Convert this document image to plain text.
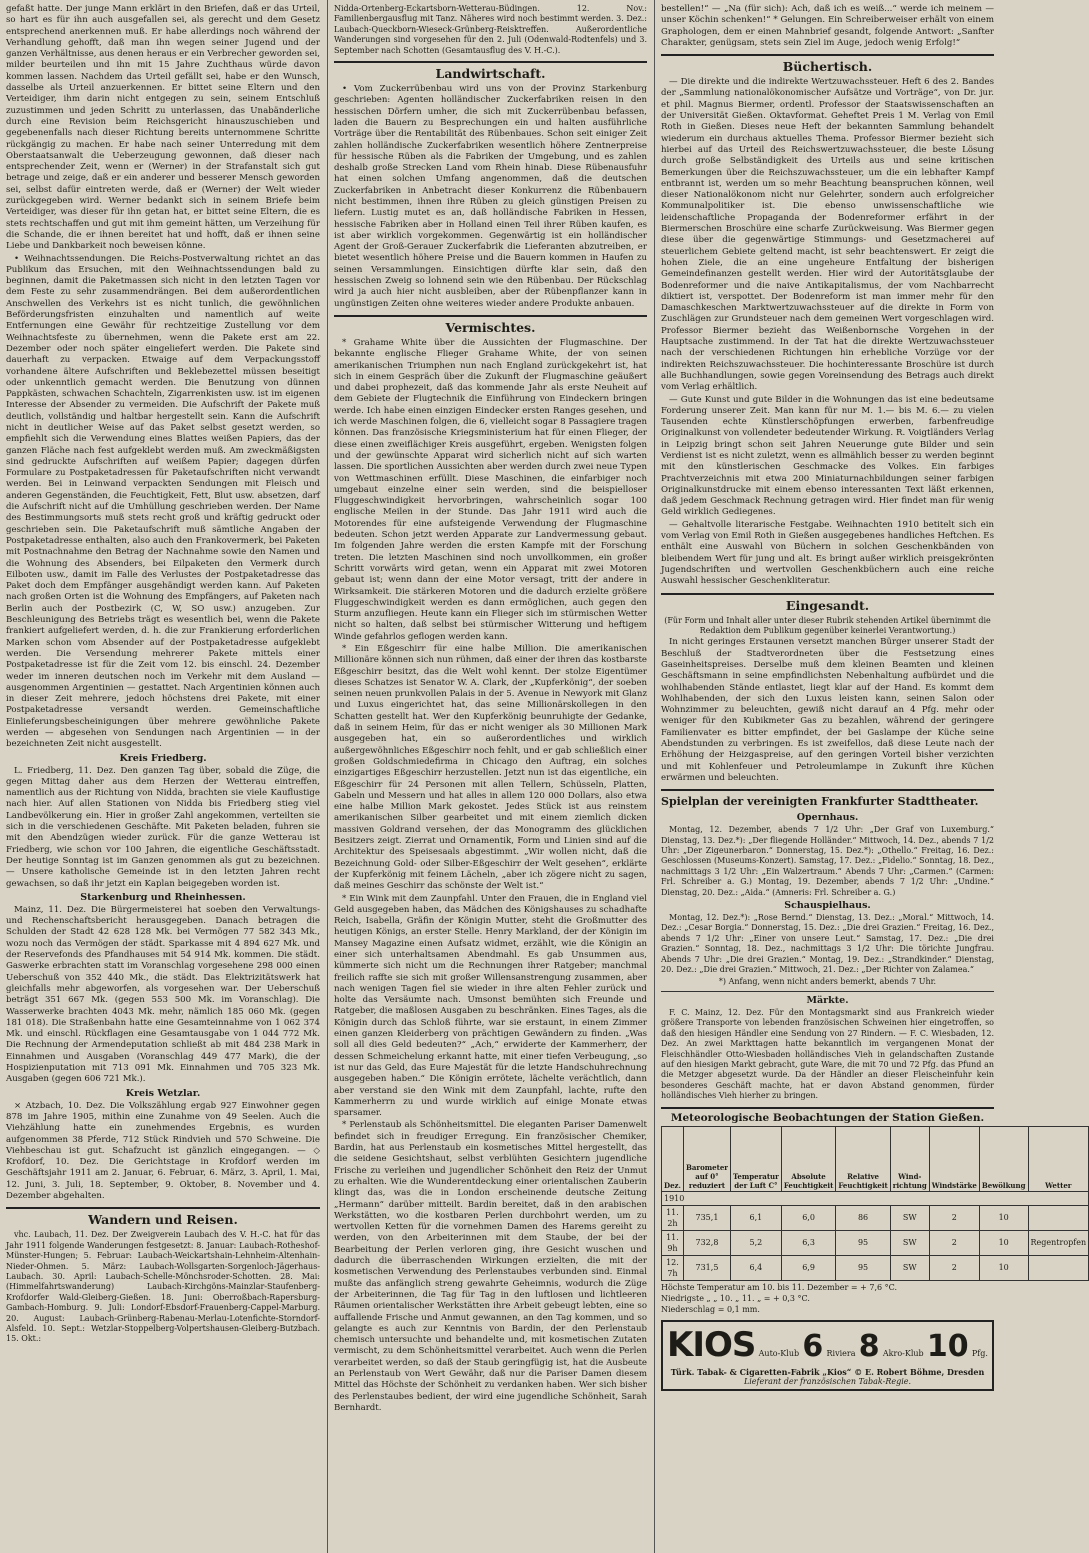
gefaßt hatte. Der junge Mann erklärt in den Briefen, daß er das Urteil, so hart es für ihn auch ausgefallen sei, als gerecht und dem Gesetz entsprechend anerkennen muß. Er habe allerdings noch während der Verhandlung gehofft, daß man ihn wegen seiner Jugend und der ganzen Verhältnisse, aus denen heraus er ein Verbrecher geworden sei, milder beurteilen und ihn mit 15 Jahre Zuchthaus würde davon kommen lassen. Nachdem das Urteil gefällt sei, habe er den Wunsch, dasselbe als Urteil anzuerkennen. Er bittet seine Eltern und den Verteidiger, ihm darin nicht entgegen zu sein, seinem Entschluß zuzustimmen und jeden Schritt zu unterlassen, das Unabänderliche durch eine Revision beim Reichsgericht hinauszuschieben und gegebenenfalls nach dieser Richtung bereits unternommene Schritte rückgängig zu machen. Er habe nach seiner Unterredung mit dem Oberstaatsanwalt die Ueberzeugung gewonnen, daß dieser nach entsprechender Zeit, wenn er (Werner) in der Strafanstalt sich gut betrage und zeige, daß er ein anderer und besserer Mensch geworden sei, selbst dafür eintreten werde, daß er (Werner) der Welt wieder zurückgegeben wird. Werner bedankt sich in seinem Briefe beim Verteidiger, was dieser für ihn getan hat, er bittet seine Eltern, die es stets rechtschaffen und gut mit ihm gemeint hätten, um Verzeihung für die Schande, die er ihnen bereitet hat und hofft, daß er ihnen seine Liebe und Dankbarkeit noch beweisen könne.

• Weihnachtssendungen. Die Reichs-Postverwaltung richtet an das Publikum das Ersuchen, mit den Weihnachtssendungen bald zu beginnen, damit die Paketmassen sich nicht in den letzten Tagen vor dem Feste zu sehr zusammendrängen. Bei dem außerordentlichen Anschwellen des Verkehrs ist es nicht tunlich, die gewöhnlichen Beförderungsfristen einzuhalten und namentlich auf weite Entfernungen eine Gewähr für rechtzeitige Zustellung vor dem Weihnachtsfeste zu übernehmen, wenn die Pakete erst am 22. Dezember oder noch später eingeliefert werden. Die Pakete sind dauerhaft zu verpacken. Etwaige auf dem Verpackungsstoff vorhandene ältere Aufschriften und Beklebezettel müssen beseitigt oder unkenntlich gemacht werden. Die Benutzung von dünnen Pappkästen, schwachen Schachteln, Zigarrenkisten usw. ist im eigenen Interesse der Absender zu vermeiden. Die Aufschrift der Pakete muß deutlich, vollständig und haltbar hergestellt sein. Kann die Aufschrift nicht in deutlicher Weise auf das Paket selbst gesetzt werden, so empfiehlt sich die Verwendung eines Blattes weißen Papiers, das der ganzen Fläche nach fest aufgeklebt werden muß. Am zweckmäßigsten sind gedruckte Aufschriften auf weißem Papier; dagegen dürfen Formulare zu Postpaketadressen für Paketaufschriften nicht verwandt werden. Bei in Leinwand verpackten Sendungen mit Fleisch und anderen Gegenständen, die Feuchtigkeit, Fett, Blut usw. absetzen, darf die Aufschrift nicht auf die Umhüllung geschrieben werden. Der Name des Bestimmungsorts muß stets recht groß und kräftig gedruckt oder geschrieben sein. Die Paketaufschrift muß sämtliche Angaben der Postpaketadresse enthalten, also auch den Frankovermerk, bei Paketen mit Postnachnahme den Betrag der Nachnahme sowie den Namen und die Wohnung des Absenders, bei Eilpaketen den Vermerk durch Eilboten usw., damit im Falle des Verlustes der Postpaketadresse das Paket doch dem Empfänger ausgehändigt werden kann. Auf Paketen nach großen Orten ist die Wohnung des Empfängers, auf Paketen nach Berlin auch der Postbezirk (C, W, SO usw.) anzugeben. Zur Beschleunigung des Betriebs trägt es wesentlich bei, wenn die Pakete frankiert aufgeliefert werden, d. h. die zur Frankierung erforderlichen Marken schon vom Absender auf der Postpaketadresse aufgeklebt werden. Die Versendung mehrerer Pakete mittels einer Postpaketadresse ist für die Zeit vom 12. bis einschl. 24. Dezember weder im inneren deutschen noch im Verkehr mit dem Ausland — ausgenommen Argentinien — gestattet. Nach Argentinien können auch in dieser Zeit mehrere, jedoch höchstens drei Pakete, mit einer Postpaketadresse versandt werden. Gemeinschaftliche Einlieferungsbescheinigungen über mehrere gewöhnliche Pakete werden — abgesehen von Sendungen nach Argentinien — in der bezeichneten Zeit nicht ausgestellt.

Kreis Friedberg.

L. Friedberg, 11. Dez. Den ganzen Tag über, sobald die Züge, die gegen Mittag daher aus dem Herzen der Wetterau eintreffen, namentlich aus der Richtung von Nidda, brachten sie viele Kauflustige nach hier. Auf allen Stationen von Nidda bis Friedberg stieg viel Landbevölkerung ein. Hier in großer Zahl angekommen, verteilten sie sich in die verschiedenen Geschäfte. Mit Paketen beladen, fuhren sie mit den Abendzügen wieder zurück. Für die ganze Wetterau ist Friedberg, wie schon vor 100 Jahren, die eigentliche Geschäftsstadt. Der heutige Sonntag ist im Ganzen genommen als gut zu bezeichnen. — Unsere katholische Gemeinde ist in den letzten Jahren recht gewachsen, so daß ihr jetzt ein Kaplan beigegeben worden ist.

Starkenburg und Rheinhessen.

Mainz, 11. Dez. Die Bürgermeisterei hat soeben den Verwaltungs- und Rechenschaftsbericht herausgegeben. Danach betragen die Schulden der Stadt 42 628 128 Mk. bei Vermögen 77 582 343 Mk., wozu noch das Vermögen der städt. Sparkasse mit 4 894 627 Mk. und der Reservefonds des Pfandhauses mit 54 914 Mk. kommen. Die städt. Gaswerke erbrachten statt im Voranschlag vorgesehene 298 000 einen Ueberschuß von 352 440 Mk., die städt. Das Elektrizitätswerk hat gleichfalls mehr abgeworfen, als vorgesehen war. Der Ueberschuß beträgt 351 667 Mk. (gegen 553 500 Mk. im Voranschlag). Die Wasserwerke brachten 4043 Mk. mehr, nämlich 185 060 Mk. (gegen 181 018). Die Straßenbahn hatte eine Gesamteinnahme von 1 062 374 Mk. und einschl. Rückflagen eine Gesamtausgabe von 1 044 772 Mk. Die Rechnung der Armendeputation schließt ab mit 484 238 Mark in Einnahmen und Ausgaben (Voranschlag 449 477 Mark), die der Hospizienputation mit 713 091 Mk. Einnahmen und 705 323 Mk. Ausgaben (gegen 606 721 Mk.).

Kreis Wetzlar.

× Atzbach, 10. Dez. Die Volkszählung ergab 927 Einwohner gegen 878 im Jahre 1905, mithin eine Zunahme von 49 Seelen. Auch die Viehzählung hatte ein zunehmendes Ergebnis, es wurden aufgenommen 38 Pferde, 712 Stück Rindvieh und 570 Schweine. Die Viehbeschau ist gut. Schafzucht ist gänzlich eingegangen. — ◇ Krofdorf, 10. Dez. Die Gerichtstage in Krofdorf werden im Geschäftsjahr 1911 am 2. Januar, 6. Februar, 6. März, 3. April, 1. Mai, 12. Juni, 3. Juli, 18. September, 9. Oktober, 8. November und 4. Dezember abgehalten.

Wandern und Reisen.

vhc. Laubach, 11. Dez. Der Zweigverein Laubach des V. H.-C. hat für das Jahr 1911 folgende Wanderungen festgesetzt: 8. Januar: Laubach-Rotheshof-Münster-Hungen; 5. Februar: Laubach-Weickartshain-Lehnheim-Altenhain-Nieder-Ohmen. 5. März: Laubach-Wollsgarten-Sorgenloch-Jägerhaus-Laubach. 30. April: Laubach-Schelle-Mönchsroder-Schotten. 28. Mai: (Himmelfahrtswanderung) Laubach-Kirchgöns-Mainzlar-Staufenberg-Krofdorfer Wald-Gleiberg-Gießen. 18. Juni: Oberroßbach-Rapersburg-Gambach-Homburg. 9. Juli: Londorf-Ebsdorf-Frauenberg-Cappel-Marburg. 20. August: Laubach-Grünberg-Rabenau-Merlau-Lotenfichte-Storndorf-Alsfeld. 10. Sept.: Wetzlar-Stoppelberg-Volpertshausen-Gleiberg-Butzbach. 15. Okt.:

Nidda-Ortenberg-Eckartsborn-Wetterau-Büdingen. 12. Nov.: Familienbergausflug mit Tanz. Näheres wird noch bestimmt werden. 3. Dez.: Laubach-Queckborn-Wieseck-Grünberg-Reisktreffen. Außerordentliche Wanderungen sind vorgesehen für den 2. Juli (Odenwald-Rodtenfels) und 3. September nach Schotten (Gesamtausflug des V. H.-C.).

Landwirtschaft.

• Vom Zuckerrübenbau wird uns von der Provinz Starkenburg geschrieben: Agenten holländischer Zuckerfabriken reisen in den hessischen Dörfern umher, die sich mit Zuckerrübenbau befassen, laden die Bauern zu Besprechungen ein und halten ausführliche Vorträge über die Rentabilität des Rübenbaues. Schon seit einiger Zeit zahlen holländische Zuckerfabriken wesentlich höhere Zentnerpreise für hessische Rüben als die Fabriken der Umgebung, und es zahlen deshalb große Strecken Land vom Rhein hinab. Diese Rübenausfuhr hat einen solchen Umfang angenommen, daß die deutschen Zuckerfabriken in Anbetracht dieser Konkurrenz die Rübenbauern nicht bestimmen, ihnen ihre Rüben zu gleich günstigen Preisen zu liefern. Lustig mutet es an, daß holländische Fabriken in Hessen, hessische Fabriken aber in Holland einen Teil ihrer Rüben kaufen, es ist aber wirklich vorgekommen. Gegenwärtig ist ein holländischer Agent der Groß-Gerauer Zuckerfabrik die Lieferanten abzutreiben, er bietet wesentlich höhere Preise und die Bauern kommen in Haufen zu seinen Versammlungen. Einsichtigen dürfte klar sein, daß den hessischen Zweig so lohnend sein wie den Rübenbau. Der Rückschlag wird ja auch hier nicht ausbleiben, aber der Rübenpflanzer kann in ungünstigen Zeiten ohne weiteres wieder andere Produkte anbauen.

Vermischtes.

* Grahame White über die Aussichten der Flugmaschine. Der bekannte englische Flieger Grahame White, der von seinen amerikanischen Triumphen nun nach England zurückgekehrt ist, hat sich in einem Gespräch über die Zukunft der Flugmaschine geäußert und dabei prophezeit, daß das kommende Jahr als erste Neuheit auf dem Gebiete der Flugtechnik die Einführung von Eindeckern bringen werde. Ich habe einen einzigen Eindecker ersten Ranges gesehen, und ich werde Maschinen folgen, die 6, vielleicht sogar 8 Passagiere tragen können. Das französische Kriegsministerium hat für einen Flieger, der diese einen zweiflächiger Kreis ausgeführt, ergeben. Wenigsten folgen und der gewünschte Apparat wird sicherlich nicht auf sich warten lassen. Die sportlichen Aussichten aber werden durch zwei neue Typen von Wettmaschinen erfüllt. Diese Maschinen, die einfarbiger noch umgebaut einzelne einer sein werden, sind die beispielloser Fluggeschwindigkeit hervorbringen, wahrscheinlich sogar 100 englische Meilen in der Stunde. Das Jahr 1911 wird auch die Motorendes für eine aufsteigende Verwendung der Flugmaschine bedeuten. Schon jetzt werden Apparate zur Landvermessung gebaut. Im folgenden Jahre werden die ersten Kampfe mit der Forschung treten. Die letzten Maschinen sind noch unvollkommen, ein großer Schritt vorwärts wird getan, wenn ein Apparat mit zwei Motoren gebaut ist; wenn dann der eine Motor versagt, tritt der andere in Wirksamkeit. Die stärkeren Motoren und die dadurch erzielte größere Fluggeschwindigkeit werden es dann ermöglichen, auch gegen den Sturm anzufliegen. Heute kann ein Flieger sich im stürmischen Wetter nicht so halten, daß selbst bei stürmischer Witterung und heftigem Winde gefahrlos geflogen werden kann.

* Ein Eßgeschirr für eine halbe Million. Die amerikanischen Millionäre können sich nun rühmen, daß einer der ihren das kostbarste Eßgeschirr besitzt, das die Welt wohl kennt. Der stolze Eigentümer dieses Schatzes ist Senator W. A. Clark, der „Kupferkönig“, der soeben seinen neuen prunkvollen Palais in der 5. Avenue in Newyork mit Glanz und Luxus eingerichtet hat, das seine Millionärskollegen in den Schatten gestellt hat. Wer den Kupferkönig beunruhigte der Gedanke, daß in seinem Heim, für das er nicht weniger als 30 Millionen Mark ausgegeben hat, ein so außerordentliches und wirklich außergewöhnliches Eßgeschirr noch fehlt, und er gab schließlich einer großen Goldschmiedefirma in Chicago den Auftrag, ein solches einzigartiges Eßgeschirr herzustellen. Jetzt nun ist das eigentliche, ein Eßgeschirr für 24 Personen mit allen Tellern, Schüsseln, Platten, Gabeln und Messern und hat alles in allem 120 000 Dollars, also etwa eine halbe Million Mark gekostet. Jedes Stück ist aus reinstem amerikanischen Silber gearbeitet und mit einem ziemlich dicken massiven Goldrand versehen, der das Monogramm des glücklichen Besitzers zeigt. Zierrat und Ornamentik, Form und Linien sind auf die Architektur des Speisesaals abgestimmt. „Wir wollen nicht, daß die Bezeichnung Gold- oder Silber-Eßgeschirr der Welt gesehen“, erklärte der Kupferkönig mit feinem Lächeln, „aber ich zögere nicht zu sagen, daß meines Geschirr das schönste der Welt ist.“

* Ein Wink mit dem Zaunpfahl. Unter den Frauen, die in England viel Geld ausgegeben haben, das Mädchen des Königshauses zu schadhafte Reich, Isabella, Gräfin der Königin Mutter, steht die Großmutter des heutigen Königs, an erster Stelle. Henry Markland, der der Königin im Mansey Magazine einen Aufsatz widmet, erzählt, wie die Königin an einer sich unterhaltsamen Abendmahl. Es gab Unsummen aus, kümmerte sich nicht um die Rechnungen ihrer Ratgeber; manchmal freilich raffte sie sich mit großer Willensanstrengung zusammen, aber nach wenigen Tagen fiel sie wieder in ihre alten Fehler zurück und holte das Versäumte nach. Umsonst bemühten sich Freunde und Ratgeber, die maßlosen Ausgaben zu beschränken. Eines Tages, als die Königin durch das Schloß führte, war sie erstaunt, in einem Zimmer einen ganzen Kleiderberg von prächtigen Gewändern zu finden. „Was soll all dies Geld bedeuten?“ „Ach,“ erwiderte der Kammerherr, der dessen Schmeichelung erkannt hatte, mit einer tiefen Verbeugung, „so ist nur das Geld, das Eure Majestät für die letzte Handschuhrechnung ausgegeben haben.“ Die Königin errötete, lächelte verächtlich, dann aber verstand sie den Wink mit dem Zaunpfahl, lachte, rufte den Kammerherrn zu und wurde wirklich auf einige Monate etwas sparsamer.

* Perlenstaub als Schönheitsmittel. Die eleganten Pariser Damenwelt befindet sich in freudiger Erregung. Ein französischer Chemiker, Bardin, hat aus Perlenstaub ein kosmetisches Mittel hergestellt, das die seidene Gesichtshaut, selbst verblühten Gesichtern jugendliche Frische zu verleihen und jugendlicher Schönheit den Reiz der Unmut zu erhalten. Wie die Wunderentdeckung einer orientalischen Zauberin klingt das, was die in London erscheinende deutsche Zeitung „Hermann“ darüber mitteilt. Bardin bereitet, daß in den arabischen Werkstätten, wo die kostbaren Perlen durchbohrt werden, um zu wertvollen Ketten für die vornehmen Damen des Harems gereiht zu werden, von den Arbeiterinnen mit dem Staube, der bei der Bearbeitung der Perlen verloren ging, ihre Gesicht wuschen und dadurch die überraschenden Wirkungen erzielten, die mit der kosmetischen Verwendung des Perlenstaubes verbunden sind. Einmal mußte das anfänglich streng gewahrte Geheimnis, wodurch die Züge der Arbeiterinnen, die Tag für Tag in den luftlosen und lichtleeren Räumen orientalischer Werkstätten ihre Arbeit gebeugt lebten, eine so auffallende Frische und Anmut gewannen, an den Tag kommen, und so gelangte es auch zur Kenntnis von Bardin, der den Perlenstaub chemisch untersuchte und behandelte und, mit kosmetischen Zutaten vermischt, zu dem Schönheitsmittel verarbeitet. Auch wenn die Perlen verarbeitet werden, so daß der Staub geringfügig ist, hat die Ausbeute an Perlenstaub von Wert Gewähr, daß nur die Pariser Damen diesem Mittel das Höchste der Schönheit zu verdanken haben. Wer sich bisher des Perlenstaubes bedient, der wird eine jugendliche Schönheit, Sarah Bernhardt.

bestellen!“ — „Na (für sich): Ach, daß ich es weiß...“ werde ich meinem — unser Köchin schenken!“ * Gelungen. Ein Schreiberweiser erhält von einem Graphologen, dem er einen Mahnbrief gesandt, folgende Antwort: „Sanfter Charakter, genügsam, stets sein Ziel im Auge, jedoch wenig Erfolg!“

Büchertisch.

— Die direkte und die indirekte Wertzuwachssteuer. Heft 6 des 2. Bandes der „Sammlung nationalökonomischer Aufsätze und Vorträge“, von Dr. jur. et phil. Magnus Biermer, ordentl. Professor der Staatswissenschaften an der Universität Gießen. Oktavformat. Geheftet Preis 1 M. Verlag von Emil Roth in Gießen. Dieses neue Heft der bekannten Sammlung behandelt wiederum ein durchaus aktuelles Thema. Professor Biermer bezieht sich hierbei auf das Urteil des Reichswertzuwachssteuer, die beste Lösung durch große Selbständigkeit des Urteils aus und seine kritischen Bemerkungen über die Reichszuwachssteuer, um die ein lebhafter Kampf entbrannt ist, werden um so mehr Beachtung beanspruchen können, weil dieser Nationalökonom nicht nur Gelehrter, sondern auch erfolgreicher Kommunalpolitiker ist. Die ebenso unwissenschaftliche wie leidenschaftliche Propaganda der Bodenreformer erfährt in der Biermerschen Broschüre eine scharfe Zurückweisung. Was Biermer gegen diese über die gegenwärtige Stimmungs- und Gesetzmacherei auf steuerlichem Gebiete geltend macht, ist sehr beachtenswert. Er zeigt die hohen Ziele, die an eine ungeheure Entfaltung der bisherigen Gemeindefinanzen gestellt werden. Hier wird der Autoritätsglaube der Bodenreformer und die naive Antikapitalismus, der vom Nachbarrecht diktiert ist, verspottet. Der Bodenreform ist man immer mehr für den Damaschkeschen Marktwertzuwachssteuer auf die direkte in Form von Zuschlägen zur Grundsteuer nach dem gemeinen Wert vorgeschlagen wird. Professor Biermer bezieht das Weißenbornsche Vorgehen in der Hauptsache zustimmend. In der Tat hat die direkte Wertzuwachssteuer nach der verschiedenen Richtungen hin erhebliche Vorzüge vor der indirekten Reichszuwachssteuer. Die hochinteressante Broschüre ist durch alle Buchhandlungen, sowie gegen Voreinsendung des Betrags auch direkt vom Verlag erhältlich.

— Gute Kunst und gute Bilder in die Wohnungen das ist eine bedeutsame Forderung unserer Zeit. Man kann für nur M. 1.— bis M. 6.— zu vielen Tausenden echte Künstlerschöpfungen erwerben, farbenfreudige Originalkunst von vollendeter bedeutender Wirkung. R. Voigtländers Verlag in Leipzig bringt schon seit Jahren Neuerunge gute Bilder und sein Verdienst ist es nicht zuletzt, wenn es allmählich besser zu werden beginnt mit den künstlerischen Geschmacke des Volkes. Ein farbiges Prachtverzeichnis mit etwa 200 Miniaturnachbildungen seiner farbigen Originalkunstdrucke mit einem ebenso interessanten Text läßt erkennen, daß jedem Geschmack Rechnung getragen wird. Hier findet man für wenig Geld wirklich Gediegenes.

— Gehaltvolle literarische Festgabe. Weihnachten 1910 betitelt sich ein vom Verlag von Emil Roth in Gießen ausgegebenes handliches Heftchen. Es enthält eine Auswahl von Büchern in solchen Geschenkbänden von bleibendem Wert für jung und alt. Es bringt außer wirklich preisgekrönten Jugendschriften und wertvollen Geschenkbüchern auch eine reiche Auswahl hessischer Geschenkliteratur.

Eingesandt.

(Für Form und Inhalt aller unter dieser Rubrik stehenden Artikel übernimmt die Redaktion dem Publikum gegenüber keinerlei Verantwortung.)

In nicht geringes Erstaunen versetzt manchen Bürger unserer Stadt der Beschluß der Stadtverordneten über die Festsetzung eines Gaseinheitspreises. Derselbe muß dem kleinen Beamten und kleinen Geschäftsmann in seine empfindlichsten Nebenhaltung aufbürdet und die wohlhabenden Stände entlastet, liegt klar auf der Hand. Es kommt dem Wohlhabenden, der sich den Luxus leisten kann, seinen Salon oder Wohnzimmer zu beleuchten, gewiß nicht darauf an 4 Pfg. mehr oder weniger für den Kubikmeter Gas zu bezahlen, während der geringere Familienvater es bitter empfindet, der bei Gaslampe der Küche seine Abendstunden zu verbringen. Es ist zweifellos, daß diese Leute nach der Erhöhung der Heizgaspreise, auf den geringen Vorteil bisher verzichten und mit Kohlenfeuer und Petroleumlampe in Zukunft ihre Küchen erwärmen und beleuchten.

Spielplan der vereinigten Frankfurter Stadttheater.
Opernhaus.

Montag, 12. Dezember, abends 7 1/2 Uhr: „Der Graf von Luxemburg.“ Dienstag, 13. Dez.*): „Der fliegende Holländer.“ Mittwoch, 14. Dez., abends 7 1/2 Uhr: „Der Zigeunerbaron.“ Donnerstag, 15. Dez.*): „Othello.“ Freitag, 16. Dez.: Geschlossen (Museums-Konzert). Samstag, 17. Dez.: „Fidelio.“ Sonntag, 18. Dez., nachmittags 3 1/2 Uhr: „Ein Walzertraum.“ Abends 7 Uhr: „Carmen.“ (Carmen: Frl. Schreiber a. G.) Montag, 19. Dezember, abends 7 1/2 Uhr: „Undine.“ Dienstag, 20. Dez.: „Aida.“ (Amneris: Frl. Schreiber a. G.)

Schauspielhaus.

Montag, 12. Dez.*): „Rose Bernd.“ Dienstag, 13. Dez.: „Moral.“ Mittwoch, 14. Dez.: „Cesar Borgia.“ Donnerstag, 15. Dez.: „Die drei Grazien.“ Freitag, 16. Dez., abends 7 1/2 Uhr: „Einer von unsere Leut.“ Samstag, 17. Dez.: „Die drei Grazien.“ Sonntag, 18. Dez., nachmittags 3 1/2 Uhr: Die törichte Jungfrau. Abends 7 Uhr: „Die drei Grazien.“ Montag, 19. Dez.: „Strandkinder.“ Dienstag, 20. Dez.: „Die drei Grazien.“ Mittwoch, 21. Dez.: „Der Richter von Zalamea.“

*) Anfang, wenn nicht anders bemerkt, abends 7 Uhr.

Märkte.

F. C. Mainz, 12. Dez. Für den Montagsmarkt sind aus Frankreich wieder größere Transporte von lebenden französischen Schweinen hier eingetroffen, so daß den hiesigen Händler eine Sendung von 27 Rindern. — F. C. Wiesbaden, 12. Dez. An zwei Markttagen hatte bekanntlich im vergangenen Monat der Fleischhändler Otto-Wiesbaden holländisches Vieh in gelandschaften Zustande auf den hiesigen Markt gebracht, gute Ware, die mit 70 und 72 Pfg. das Pfund an die Metzger abgesetzt wurde. Da der Händler an dieser Fleischeinfuhr kein besonderes Geschäft machte, hat er davon Abstand genommen, fürder holländisches Vieh hierher zu bringen.

Meteorologische Beobachtungen der Station Gießen.
Dez.	Barometer auf 0° reduziert	Temperatur der Luft C°	Absolute Feuchtigkeit	Relative Feuchtigkeit	Wind-richtung	Windstärke	Bewölkung	Wetter
1910								
11. 2h	735,1	6,1	6,0	86	SW	2	10	
11. 9h	732,8	5,2	6,3	95	SW	2	10	Regentropfen
12. 7h	731,5	6,4	6,9	95	SW	2	10	

Höchste Temperatur am 10. bis 11. Dezember = + 7,6 °C.

Niedrigste „ „ 10. „ 11. „ = + 0,3 °C.

Niederschlag = 0,1 mm.

KIOS Auto-Klub 6 Riviera 8 Akro-Klub 10 Pfg.
Türk. Tabak- & Cigaretten-Fabrik „Kios“ © E. Robert Böhme, Dresden
Lieferant der französischen Tabak-Regie.
